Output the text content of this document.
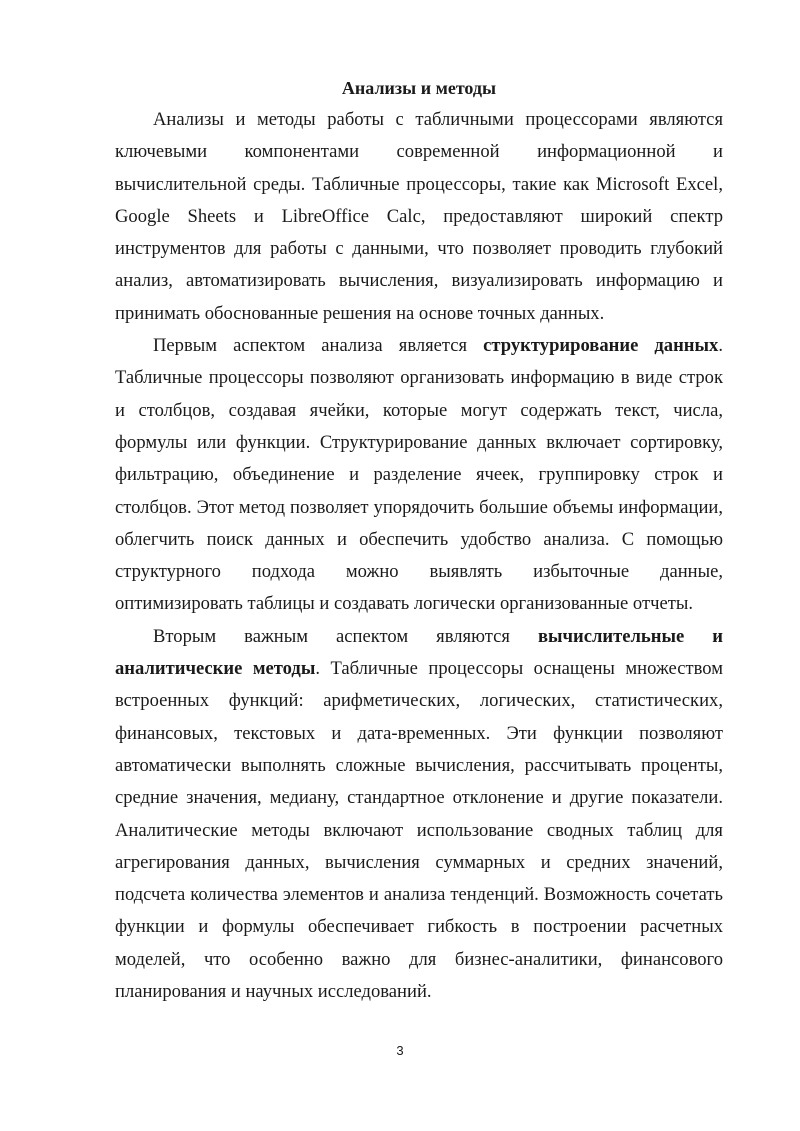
Анализы и методы

Анализы и методы работы с табличными процессорами являются ключевыми компонентами современной информационной и вычислительной среды. Табличные процессоры, такие как Microsoft Excel, Google Sheets и LibreOffice Calc, предоставляют широкий спектр инструментов для работы с данными, что позволяет проводить глубокий анализ, автоматизировать вычисления, визуализировать информацию и принимать обоснованные решения на основе точных данных.

Первым аспектом анализа является структурирование данных. Табличные процессоры позволяют организовать информацию в виде строк и столбцов, создавая ячейки, которые могут содержать текст, числа, формулы или функции. Структурирование данных включает сортировку, фильтрацию, объединение и разделение ячеек, группировку строк и столбцов. Этот метод позволяет упорядочить большие объемы информации, облегчить поиск данных и обеспечить удобство анализа. С помощью структурного подхода можно выявлять избыточные данные, оптимизировать таблицы и создавать логически организованные отчеты.

Вторым важным аспектом являются вычислительные и аналитические методы. Табличные процессоры оснащены множеством встроенных функций: арифметических, логических, статистических, финансовых, текстовых и дата-временных. Эти функции позволяют автоматически выполнять сложные вычисления, рассчитывать проценты, средние значения, медиану, стандартное отклонение и другие показатели. Аналитические методы включают использование сводных таблиц для агрегирования данных, вычисления суммарных и средних значений, подсчета количества элементов и анализа тенденций. Возможность сочетать функции и формулы обеспечивает гибкость в построении расчетных моделей, что особенно важно для бизнес-аналитики, финансового планирования и научных исследований.

3
